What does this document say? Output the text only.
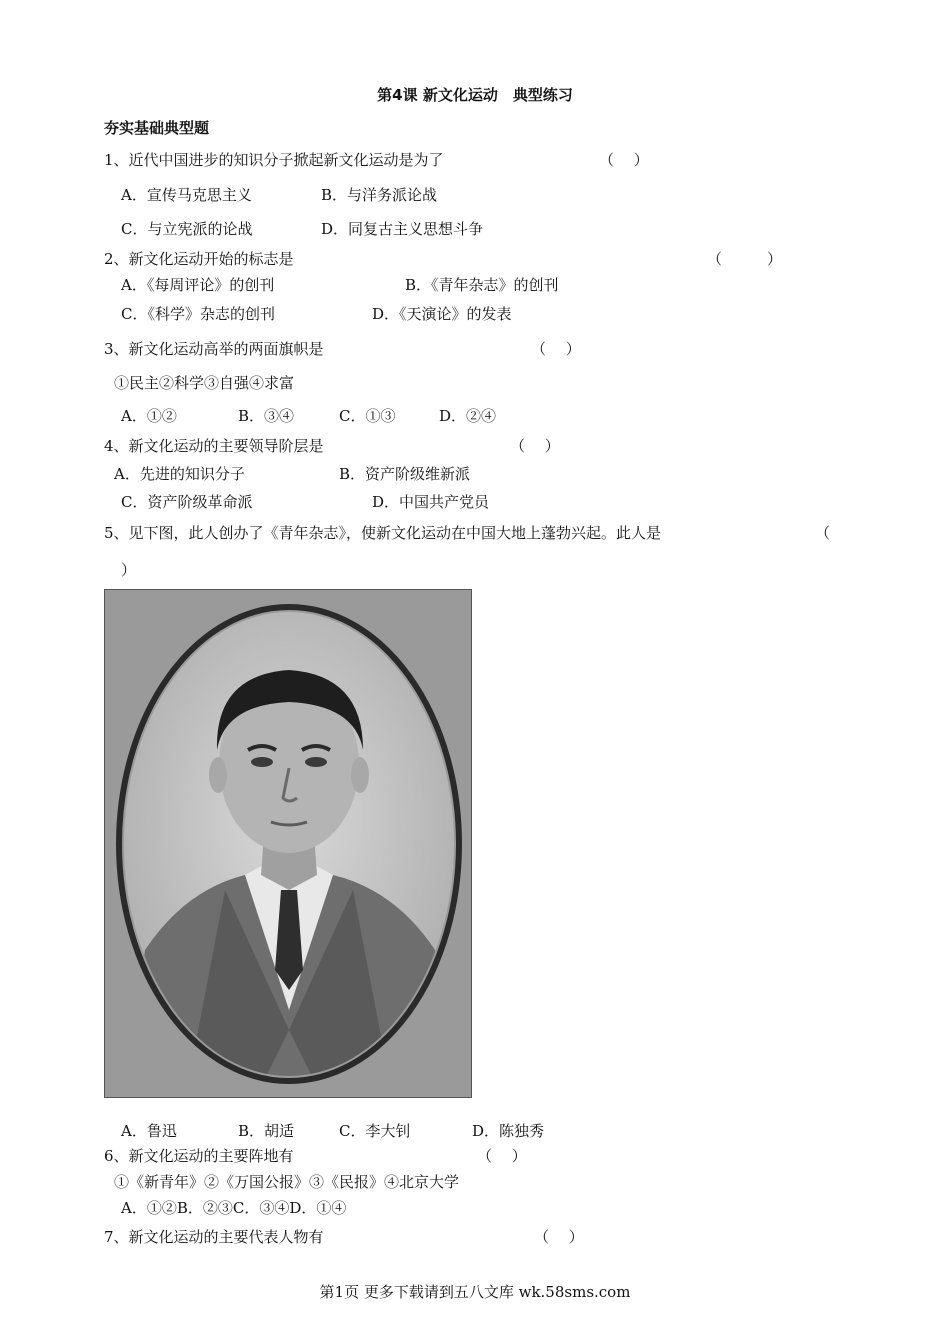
第4课 新文化运动　典型练习
夯实基础典型题
1、近代中国进步的知识分子掀起新文化运动是为了	（　 ）
A．宣传马克思主义	B．与洋务派论战
C．与立宪派的论战	D．同复古主义思想斗争
2、新文化运动开始的标志是	（　　　）
A．《每周评论》的创刊	B．《青年杂志》的创刊
C．《科学》杂志的创刊	D．《天演论》的发表
3、新文化运动高举的两面旗帜是	（　 ）
①民主②科学③自强④求富
A．①②	B．③④	C．①③	D．②④
4、新文化运动的主要领导阶层是	（　 ）
A．先进的知识分子	B．资产阶级维新派
C．资产阶级革命派	D．中国共产党员
5、见下图，此人创办了《青年杂志》，使新文化运动在中国大地上蓬勃兴起。此人是	（
）
A．鲁迅	B．胡适	C．李大钊	D．陈独秀
6、新文化运动的主要阵地有	（　 ）
①《新青年》②《万国公报》③《民报》④北京大学
A．①②B．②③C．③④D．①④
7、新文化运动的主要代表人物有	（　 ）
第1页 更多下载请到五八文库 wk.58sms.com
